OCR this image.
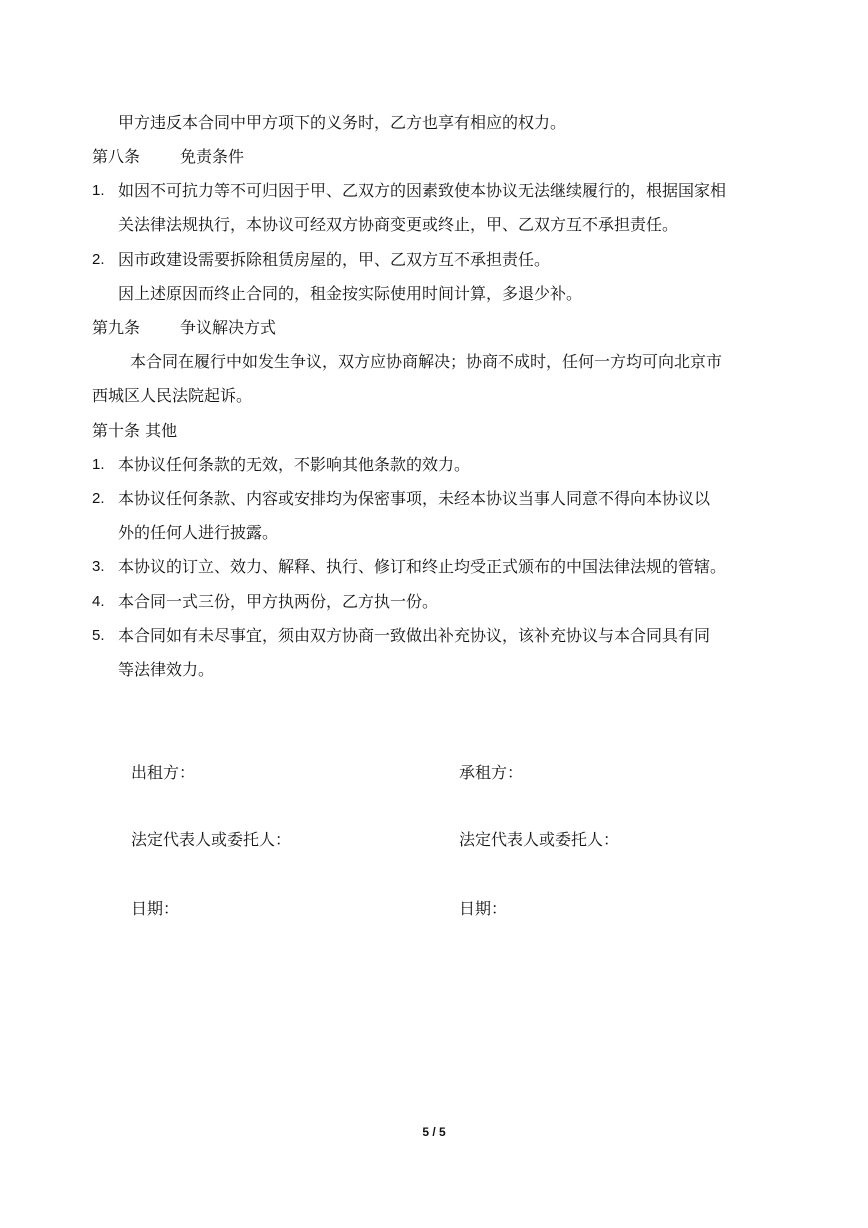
甲方违反本合同中甲方项下的义务时，乙方也享有相应的权力。
第八条 免责条件
1. 如因不可抗力等不可归因于甲、乙双方的因素致使本协议无法继续履行的，根据国家相
关法律法规执行，本协议可经双方协商变更或终止，甲、乙双方互不承担责任。
2. 因市政建设需要拆除租赁房屋的，甲、乙双方互不承担责任。
因上述原因而终止合同的，租金按实际使用时间计算，多退少补。
第九条 争议解决方式
本合同在履行中如发生争议，双方应协商解决；协商不成时，任何一方均可向北京市
西城区人民法院起诉。
第十条 其他
1. 本协议任何条款的无效，不影响其他条款的效力。
2. 本协议任何条款、内容或安排均为保密事项，未经本协议当事人同意不得向本协议以
外的任何人进行披露。
3. 本协议的订立、效力、解释、执行、修订和终止均受正式颁布的中国法律法规的管辖。
4. 本合同一式三份，甲方执两份，乙方执一份。
5. 本合同如有未尽事宜，须由双方协商一致做出补充协议，该补充协议与本合同具有同
等法律效力。
出租方：	承租方：
法定代表人或委托人：	法定代表人或委托人：
日期：	日期：
5 / 5
